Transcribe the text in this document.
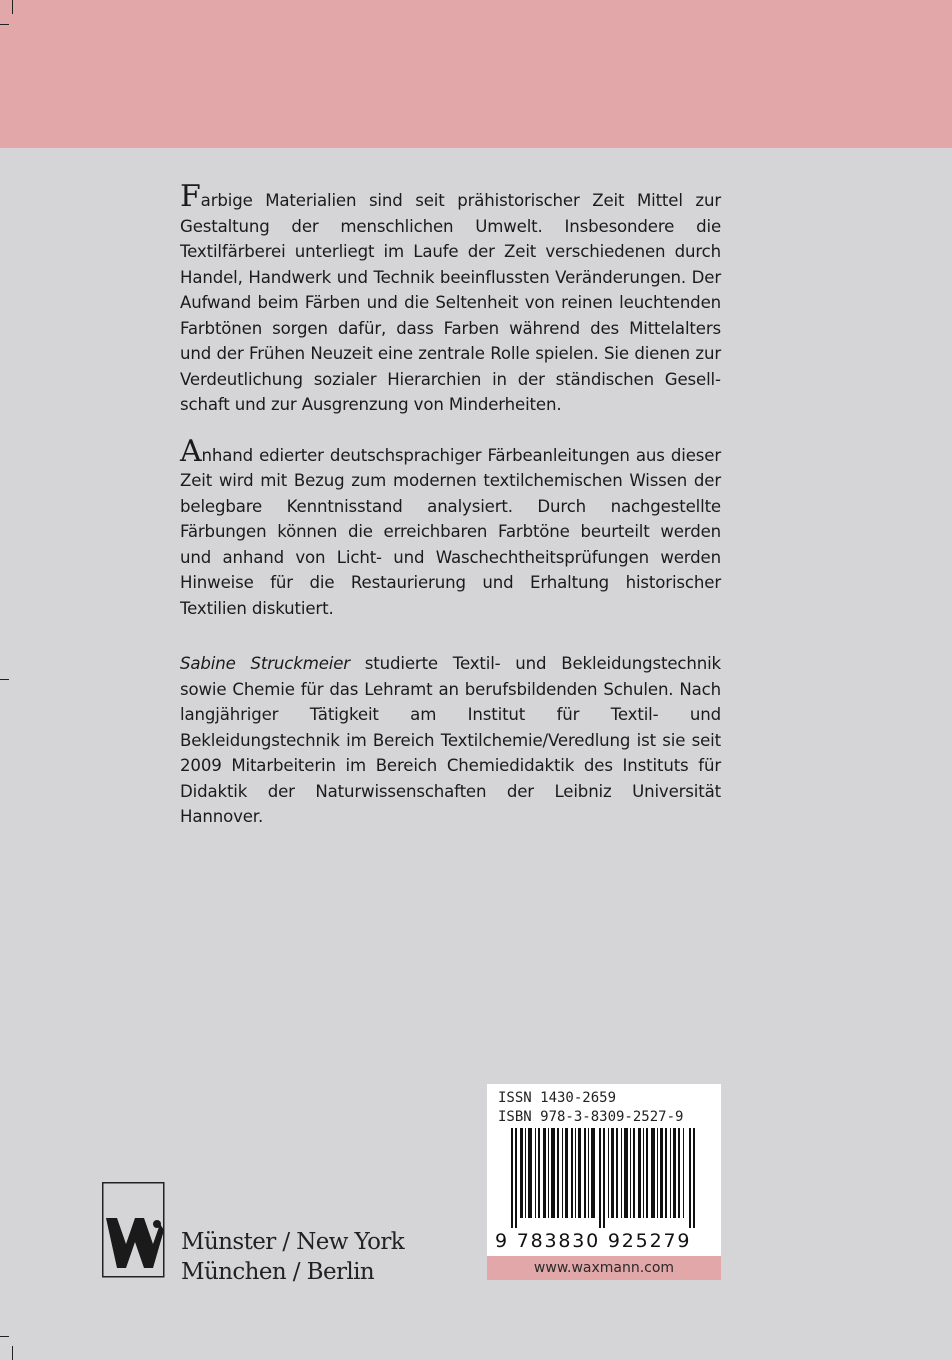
Farbige Materialien sind seit prähistorischer Zeit Mittel zur Gestaltung der menschlichen Umwelt. Insbesondere die Textilfärberei unterliegt im Laufe der Zeit verschiedenen durch Handel, Handwerk und Technik beeinflussten Veränderungen. Der Aufwand beim Färben und die Seltenheit von reinen leuchtenden Farbtönen sorgen dafür, dass Farben während des Mittelalters und der Frühen Neuzeit eine zentrale Rolle spielen. Sie dienen zur Verdeutlichung sozialer Hierarchien in der ständischen Gesellschaft und zur Ausgrenzung von Minderheiten.

Anhand edierter deutschsprachiger Färbeanleitungen aus dieser Zeit wird mit Bezug zum modernen textilchemischen Wissen der belegbare Kenntnisstand analysiert. Durch nachgestellte Färbungen können die erreichbaren Farbtöne beurteilt werden und anhand von Licht- und Waschechtheitsprüfungen werden Hinweise für die Restaurierung und Erhaltung historischer Textilien diskutiert.

Sabine Struckmeier studierte Textil- und Bekleidungstechnik sowie Chemie für das Lehramt an berufsbildenden Schulen. Nach langjähriger Tätigkeit am Institut für Textil- und Bekleidungstechnik im Bereich Textilchemie/Veredlung ist sie seit 2009 Mitarbeiterin im Bereich Chemiedidaktik des Instituts für Didaktik der Naturwissenschaften der Leibniz Universität Hannover.

ISSN 1430-2659
ISBN 978-3-8309-2527-9
9 783830 925279
www.waxmann.com
Münster / New York
München / Berlin
